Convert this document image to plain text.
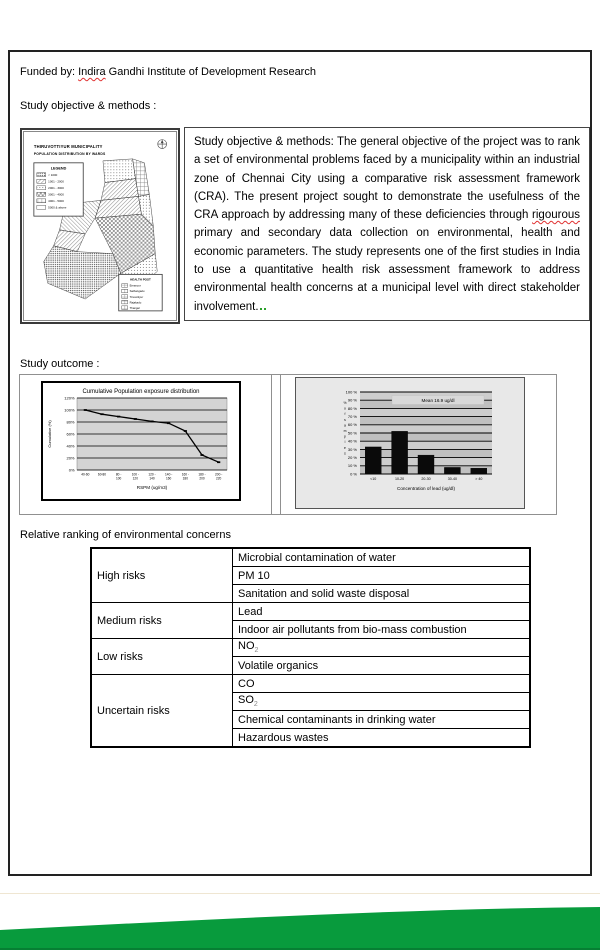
Funded by: Indira Gandhi Institute of Development Research
Study objective & methods :
THIRUVOTTIYUR MUNICIPALITY
POPULATION DISTRIBUTION BY WARDS
LEGEND
< 1000
1001 - 2000
2001 - 3000
3001 - 4000
4001 - 5000
5000 & above
HEALTH POST
Ernavoor
Sathangadu
Tiruvottiyur
Rajakadu
Thangal
Study objective & methods: The general objective of the project was to rank a set of environmental problems faced by a municipality within an industrial zone of Chennai City using a comparative risk assessment framework (CRA). The present project sought to demonstrate the usefulness of the CRA approach by addressing many of these deficiencies through rigourous primary and secondary data collection on environmental, health and economic parameters. The study represents one of the first studies in India to use a quantitative health risk assessment framework to address environmental health concerns at a municipal level with direct stakeholder involvement.
Study outcome :
Cumulative Population exposure distribution
120%
100%
80%
60%
40%
20%
0%
40-60	60-80	80 -
100
100 -
120
120 -
140
140 -
160
160 -
180
180 -
200
200 -
220
RSPM (ug/m3)
Cumulative (%)
100 %
90 %
80 %
70 %
60 %
50 %
40 %
30 %
20 %
10 %
0 %
Mean 16.9 ug/dl
<10	10-20	20-30	30-40	> 40
Concentration of lead (ug/dl)
% o f s a m p l e s
Relative ranking of environmental concerns
High risks	Microbial contamination of water
	PM 10
	Sanitation and solid waste disposal
Medium risks	Lead
	Indoor air pollutants from bio-mass combustion
Low risks	$NO_2$
	Volatile organics
Uncertain risks	CO
	$SO_2$
	Chemical contaminants in drinking water
	Hazardous wastes
